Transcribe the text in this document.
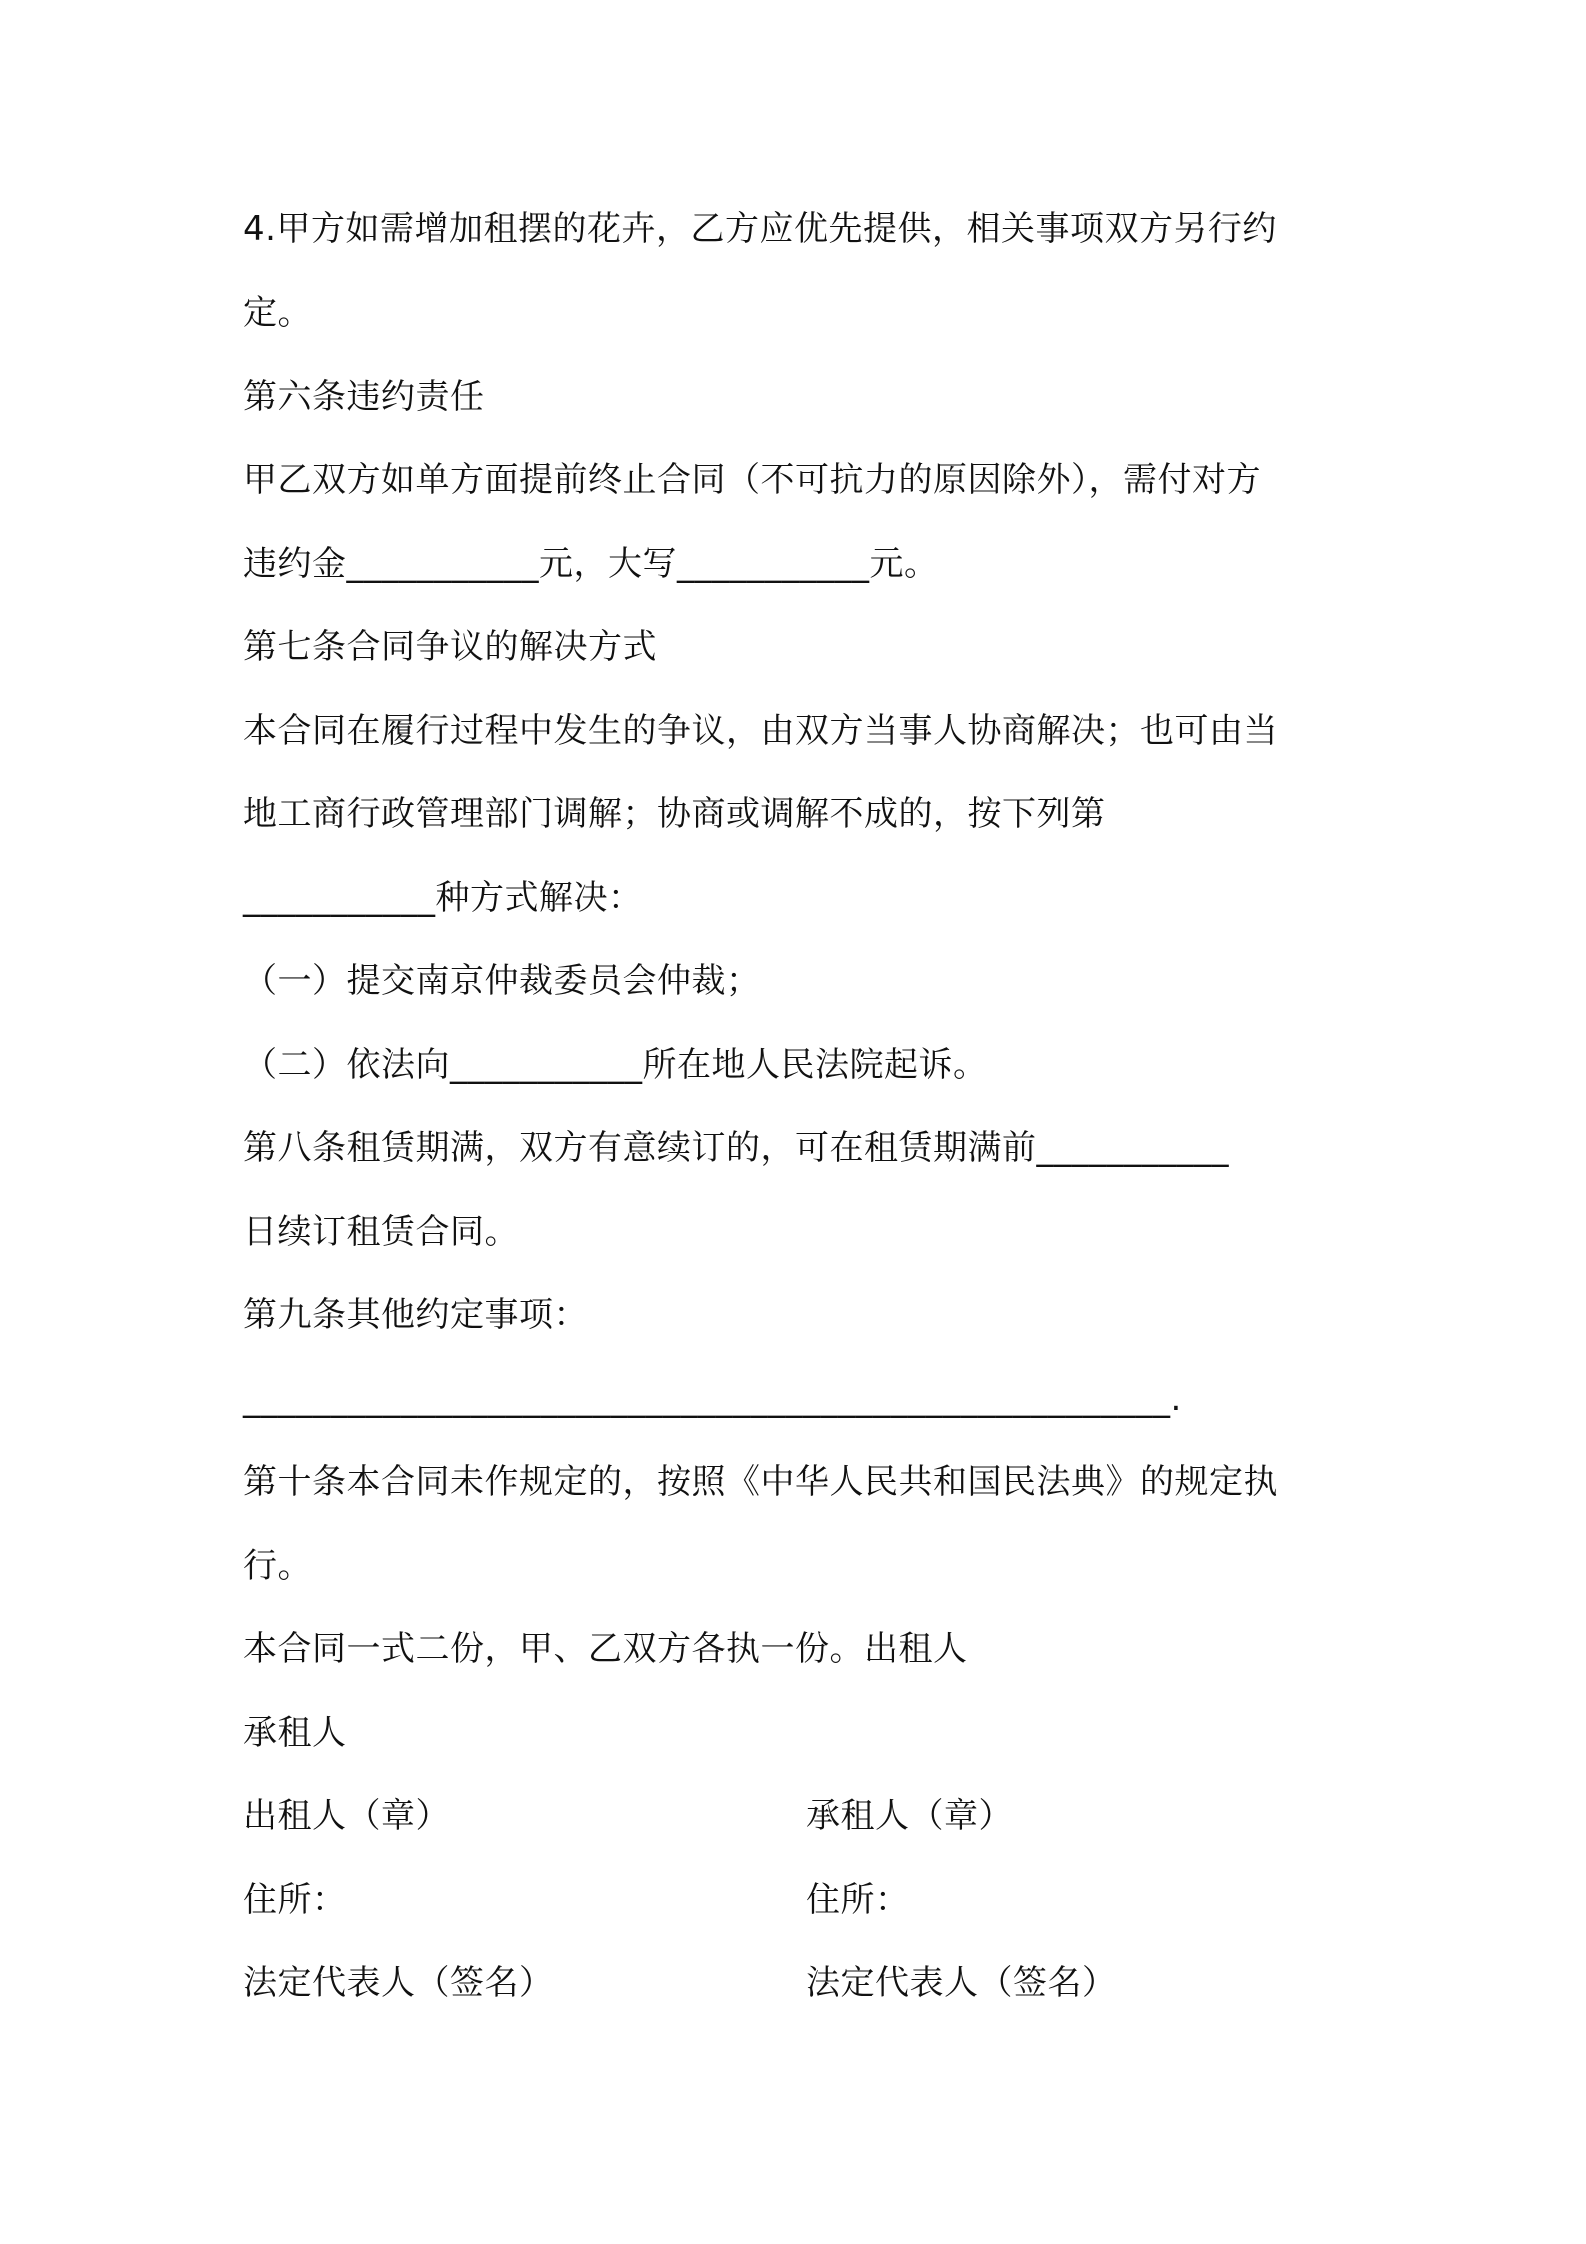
4.甲方如需增加租摆的花卉，乙方应优先提供，相关事项双方另行约
定。
第六条违约责任
甲乙双方如单方面提前终止合同（不可抗力的原因除外），需付对方
违约金___________元，大写___________元。
第七条合同争议的解决方式
本合同在履行过程中发生的争议，由双方当事人协商解决；也可由当
地工商行政管理部门调解；协商或调解不成的，按下列第
___________种方式解决：
（一）提交南京仲裁委员会仲裁；
（二）依法向___________所在地人民法院起诉。
第八条租赁期满，双方有意续订的，可在租赁期满前___________
日续订租赁合同。
第九条其他约定事项：
_____________________________________________________.
第十条本合同未作规定的，按照《中华人民共和国民法典》的规定执
行。
本合同一式二份，甲、乙双方各执一份。出租人
承租人
出租人（章）	承租人（章）
住所：	住所：
法定代表人（签名）	法定代表人（签名）
